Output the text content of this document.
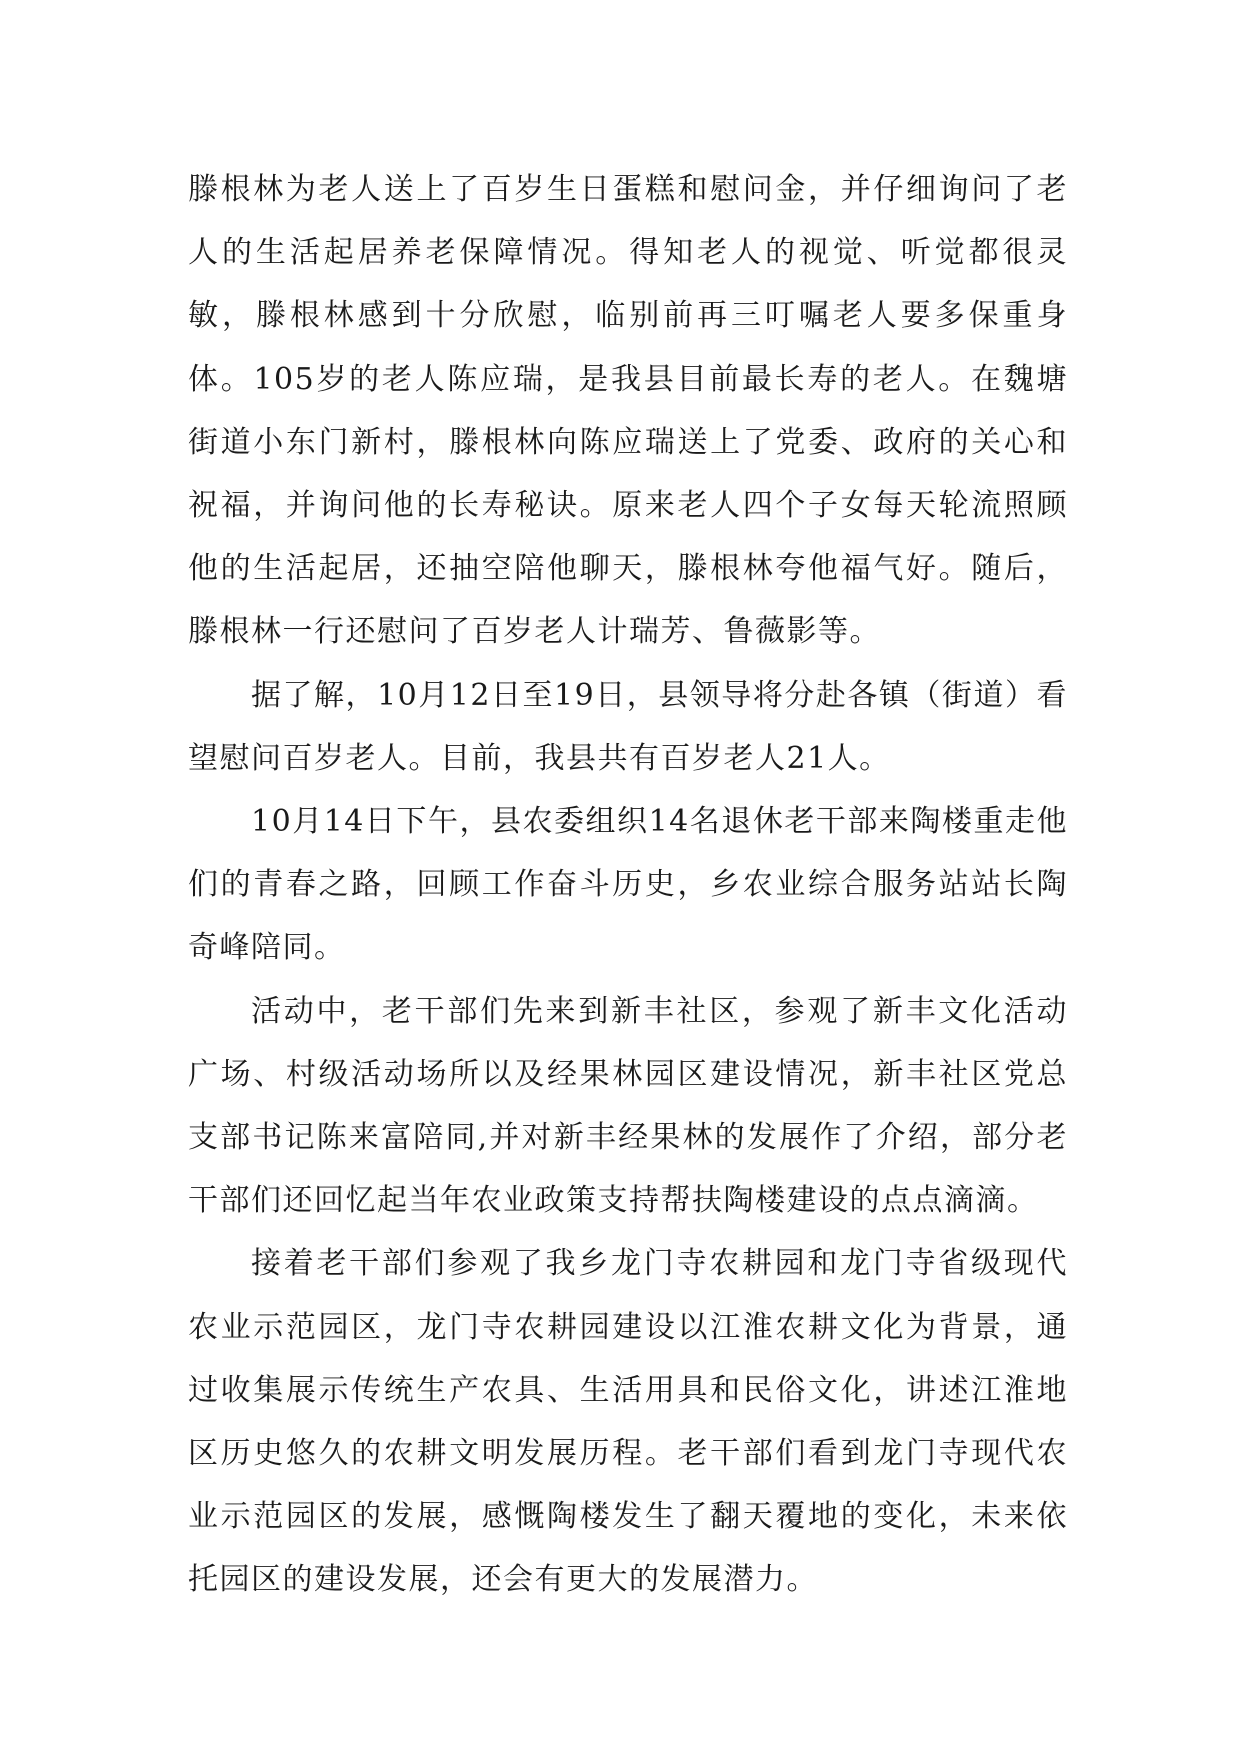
滕根林为老人送上了百岁生日蛋糕和慰问金，并仔细询问了老人的生活起居养老保障情况。得知老人的视觉、听觉都很灵敏，滕根林感到十分欣慰，临别前再三叮嘱老人要多保重身体。105岁的老人陈应瑞，是我县目前最长寿的老人。在魏塘街道小东门新村，滕根林向陈应瑞送上了党委、政府的关心和祝福，并询问他的长寿秘诀。原来老人四个子女每天轮流照顾他的生活起居，还抽空陪他聊天，滕根林夸他福气好。随后，滕根林一行还慰问了百岁老人计瑞芳、鲁薇影等。

据了解，10月12日至19日，县领导将分赴各镇（街道）看望慰问百岁老人。目前，我县共有百岁老人21人。

10月14日下午，县农委组织14名退休老干部来陶楼重走他们的青春之路，回顾工作奋斗历史，乡农业综合服务站站长陶奇峰陪同。

活动中，老干部们先来到新丰社区，参观了新丰文化活动广场、村级活动场所以及经果林园区建设情况，新丰社区党总支部书记陈来富陪同,并对新丰经果林的发展作了介绍，部分老干部们还回忆起当年农业政策支持帮扶陶楼建设的点点滴滴。

接着老干部们参观了我乡龙门寺农耕园和龙门寺省级现代农业示范园区，龙门寺农耕园建设以江淮农耕文化为背景，通过收集展示传统生产农具、生活用具和民俗文化，讲述江淮地区历史悠久的农耕文明发展历程。老干部们看到龙门寺现代农业示范园区的发展，感慨陶楼发生了翻天覆地的变化，未来依托园区的建设发展，还会有更大的发展潜力。
